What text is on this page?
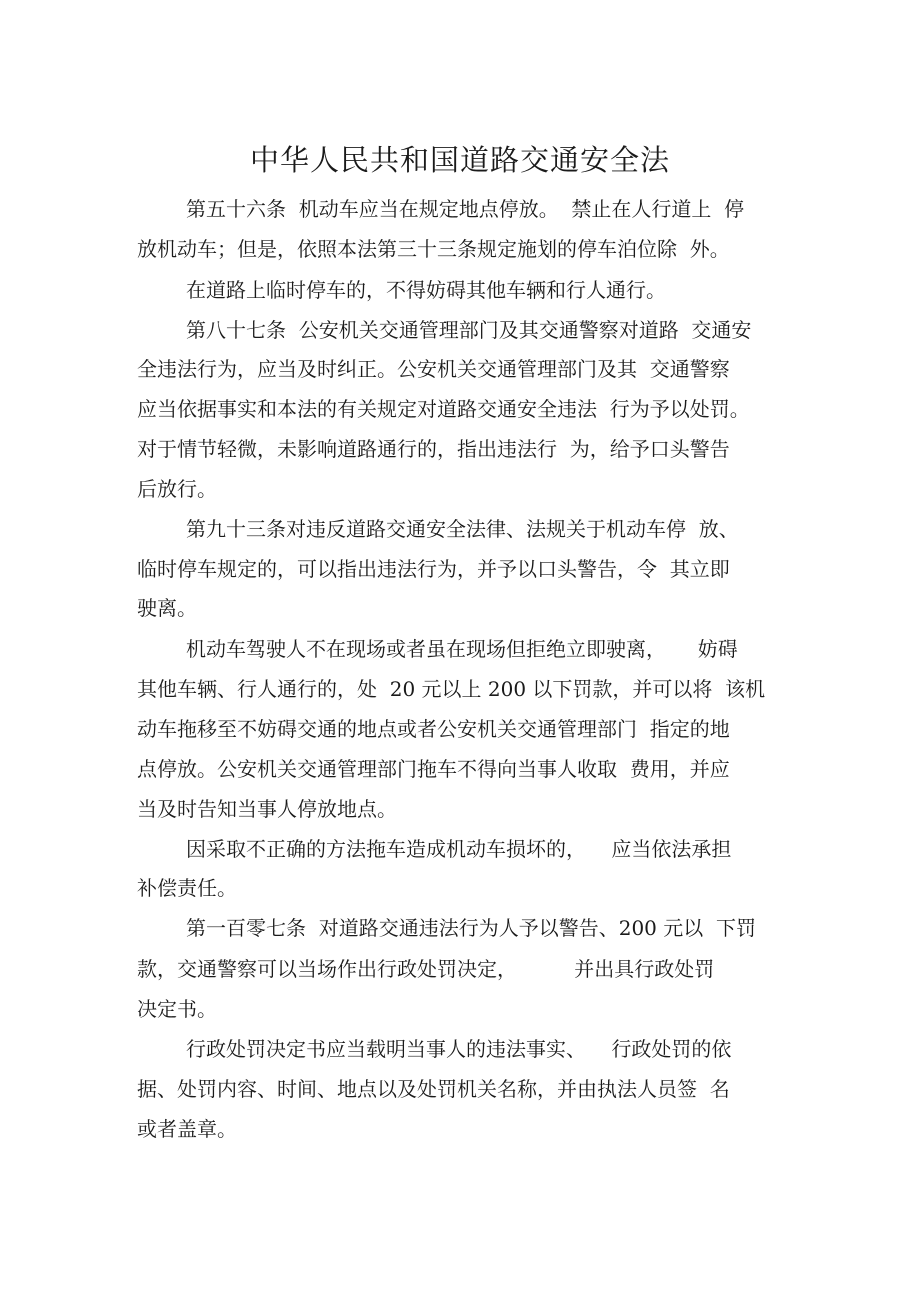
中华人民共和国道路交通安全法

第五十六条  机动车应当在规定地点停放。  禁止在人行道上  停

放机动车；但是，依照本法第三十三条规定施划的停车泊位除  外。

在道路上临时停车的，不得妨碍其他车辆和行人通行。

第八十七条  公安机关交通管理部门及其交通警察对道路  交通安

全违法行为，应当及时纠正。公安机关交通管理部门及其  交通警察

应当依据事实和本法的有关规定对道路交通安全违法  行为予以处罚。

对于情节轻微，未影响道路通行的，指出违法行  为，给予口头警告

后放行。

第九十三条对违反道路交通安全法律、法规关于机动车停  放、

临时停车规定的，可以指出违法行为，并予以口头警告，令  其立即

驶离。

机动车驾驶人不在现场或者虽在现场但拒绝立即驶离，     妨碍

其他车辆、行人通行的，处  20 元以上 200 以下罚款，并可以将  该机

动车拖移至不妨碍交通的地点或者公安机关交通管理部门  指定的地

点停放。公安机关交通管理部门拖车不得向当事人收取  费用，并应

当及时告知当事人停放地点。

因采取不正确的方法拖车造成机动车损坏的，    应当依法承担

补偿责任。

第一百零七条  对道路交通违法行为人予以警告、200 元以  下罚

款，交通警察可以当场作出行政处罚决定，         并出具行政处罚

决定书。

行政处罚决定书应当载明当事人的违法事实、    行政处罚的依

据、处罚内容、时间、地点以及处罚机关名称，并由执法人员签  名

或者盖章。
